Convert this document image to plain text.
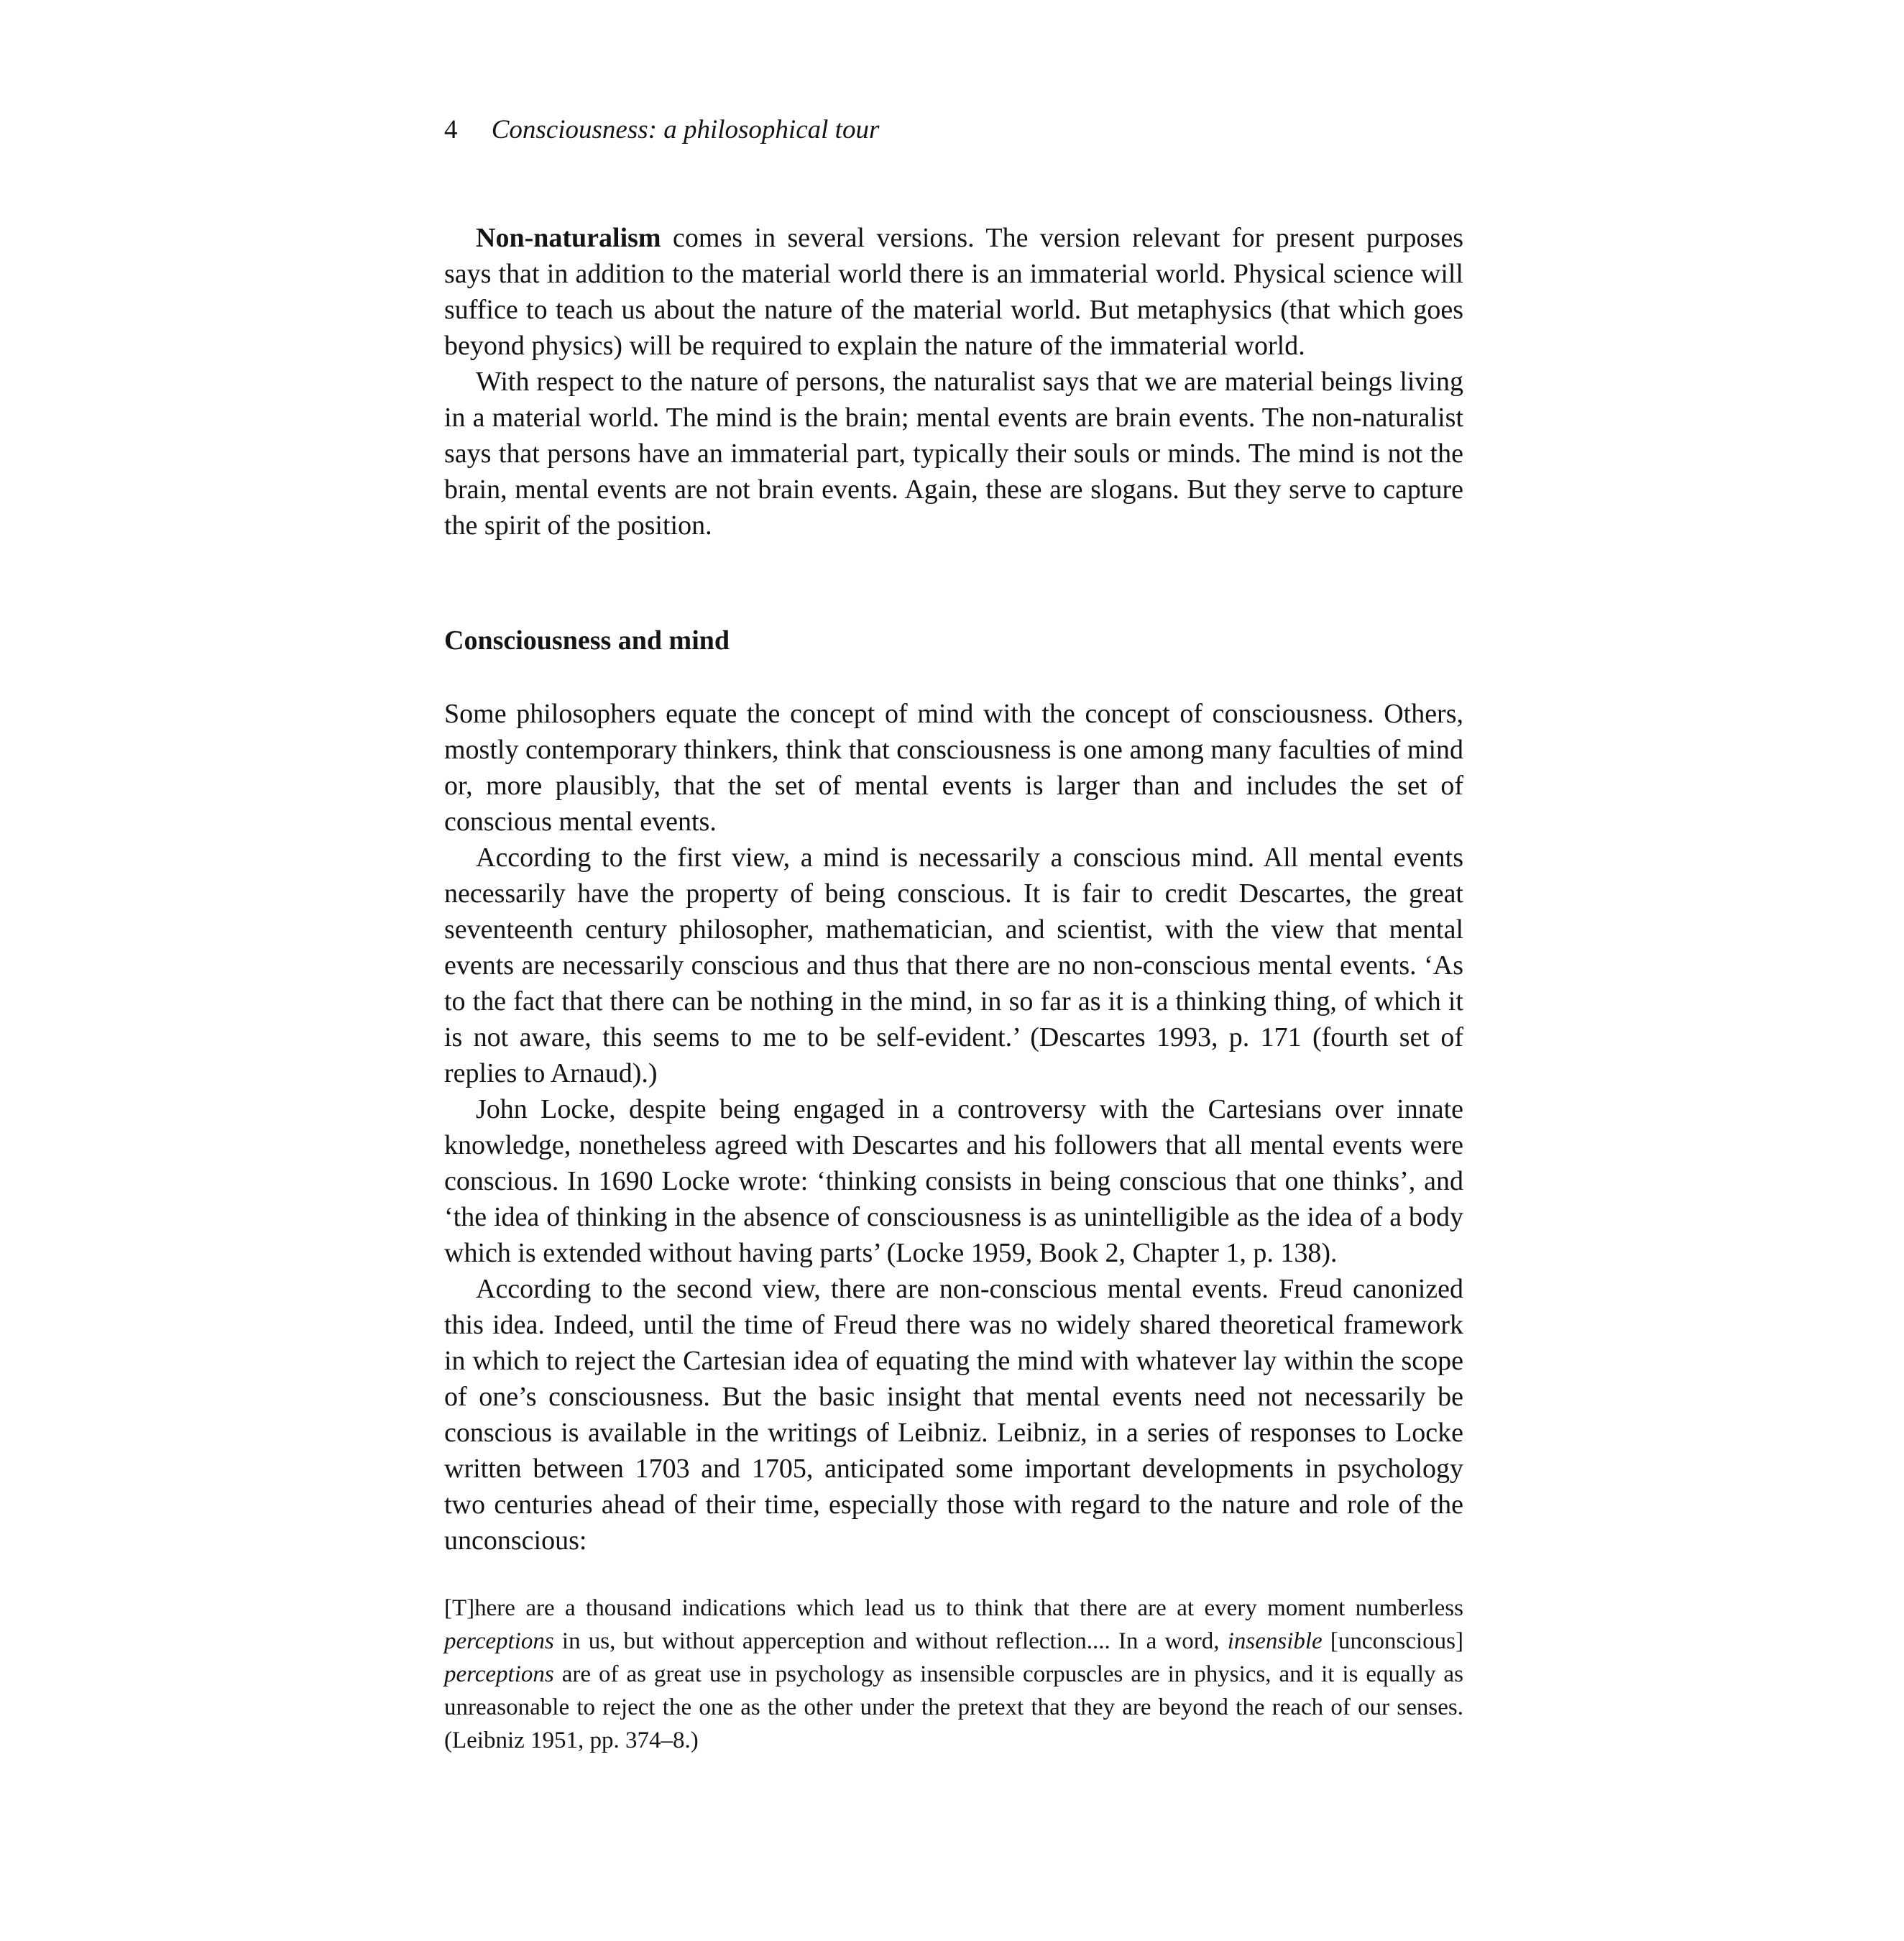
4 Consciousness: a philosophical tour

Non-naturalism comes in several versions. The version relevant for present purposes says that in addition to the material world there is an immaterial world. Physical science will suffice to teach us about the nature of the material world. But metaphysics (that which goes beyond physics) will be required to explain the nature of the immaterial world.

With respect to the nature of persons, the naturalist says that we are material beings living in a material world. The mind is the brain; mental events are brain events. The non-naturalist says that persons have an immaterial part, typically their souls or minds. The mind is not the brain, mental events are not brain events. Again, these are slogans. But they serve to capture the spirit of the position.

Consciousness and mind

Some philosophers equate the concept of mind with the concept of consciousness. Others, mostly contemporary thinkers, think that consciousness is one among many faculties of mind or, more plausibly, that the set of mental events is larger than and includes the set of conscious mental events.

According to the first view, a mind is necessarily a conscious mind. All mental events necessarily have the property of being conscious. It is fair to credit Descartes, the great seventeenth century philosopher, mathematician, and scientist, with the view that mental events are necessarily conscious and thus that there are no non-conscious mental events. ‘As to the fact that there can be nothing in the mind, in so far as it is a thinking thing, of which it is not aware, this seems to me to be self-evident.’ (Descartes 1993, p. 171 (fourth set of replies to Arnaud).)

John Locke, despite being engaged in a controversy with the Cartesians over innate knowledge, nonetheless agreed with Descartes and his followers that all mental events were conscious. In 1690 Locke wrote: ‘thinking consists in being conscious that one thinks’, and ‘the idea of thinking in the absence of consciousness is as unintelligible as the idea of a body which is extended without having parts’ (Locke 1959, Book 2, Chapter 1, p. 138).

According to the second view, there are non-conscious mental events. Freud canonized this idea. Indeed, until the time of Freud there was no widely shared theoretical framework in which to reject the Cartesian idea of equating the mind with whatever lay within the scope of one’s consciousness. But the basic insight that mental events need not necessarily be conscious is available in the writings of Leibniz. Leibniz, in a series of responses to Locke written between 1703 and 1705, anticipated some important developments in psychology two centuries ahead of their time, especially those with regard to the nature and role of the unconscious:

[T]here are a thousand indications which lead us to think that there are at every moment numberless perceptions in us, but without apperception and without reflection.... In a word, insensible [unconscious] perceptions are of as great use in psychology as insensible corpuscles are in physics, and it is equally as unreasonable to reject the one as the other under the pretext that they are beyond the reach of our senses. (Leibniz 1951, pp. 374–8.)
